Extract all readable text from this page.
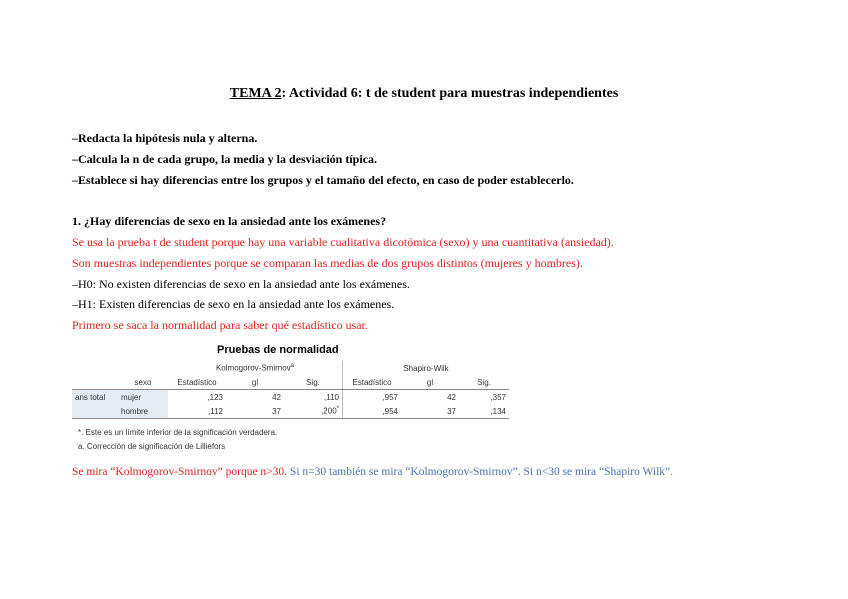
TEMA 2: Actividad 6: t de student para muestras independientes
–Redacta la hipótesis nula y alterna.
–Calcula la n de cada grupo, la media y la desviación típica.
–Establece si hay diferencias entre los grupos y el tamaño del efecto, en caso de poder establecerlo.
1. ¿Hay diferencias de sexo en la ansiedad ante los exámenes?
Se usa la prueba t de student porque hay una variable cualitativa dicotómica (sexo) y una cuantitativa (ansiedad).
Son muestras independientes porque se comparan las medias de dos grupos distintos (mujeres y hombres).
–H0: No existen diferencias de sexo en la ansiedad ante los exámenes.
–H1: Existen diferencias de sexo en la ansiedad ante los exámenes.
Primero se saca la normalidad para saber qué estadístico usar.
Pruebas de normalidad
		Kolmogorov-Smirnov$^a$			Shapiro-Wilk		
	sexo	Estadístico	gl	Sig.	Estadístico	gl	Sig.
ans total	mujer	,123	42	,110	,957	42	,357
	hombre	,112	37	,200*	,954	37	,134
*. Este es un límite inferior de la significación verdadera.
a. Corrección de significación de Lilliefors
Se mira “Kolmogorov-Smirnov” porque n>30. Si n=30 también se mira “Kolmogorov-Smirnov”. Si n<30 se mira “Shapiro Wilk”.
